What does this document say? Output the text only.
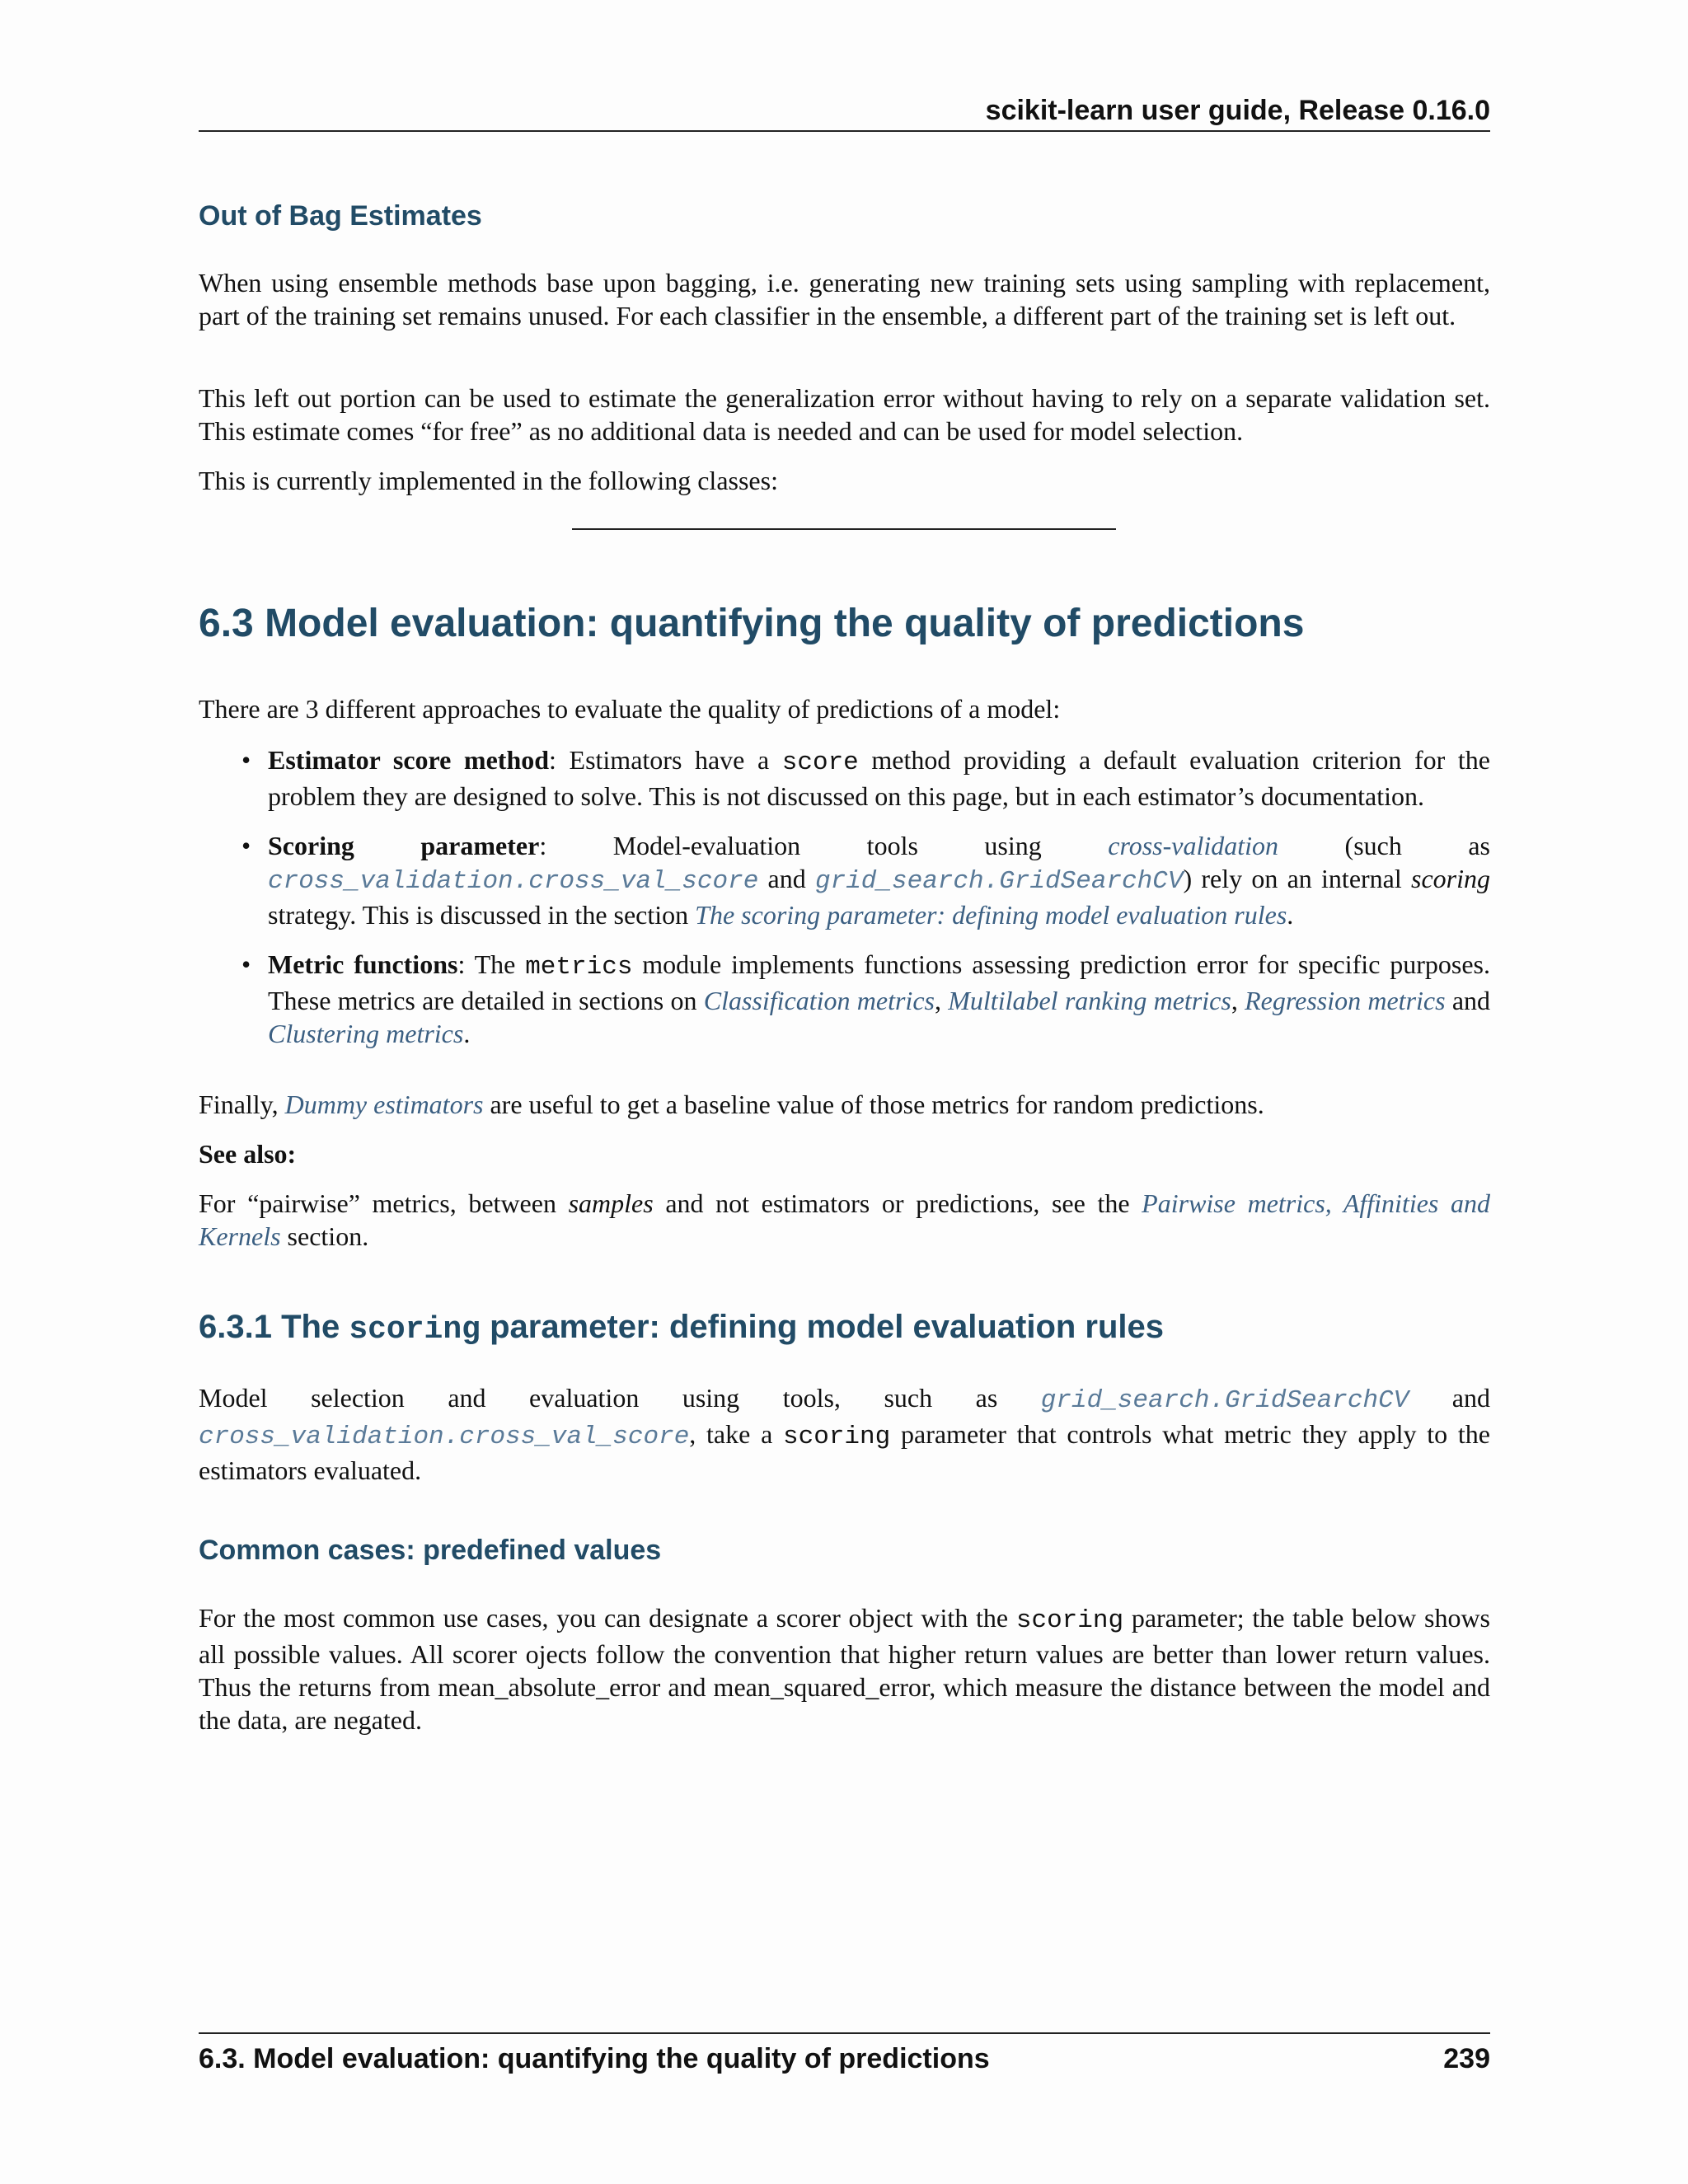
scikit-learn user guide, Release 0.16.0
Out of Bag Estimates

When using ensemble methods base upon bagging, i.e. generating new training sets using sampling with replacement, part of the training set remains unused. For each classifier in the ensemble, a different part of the training set is left out.

This left out portion can be used to estimate the generalization error without having to rely on a separate validation set. This estimate comes “for free” as no additional data is needed and can be used for model selection.

This is currently implemented in the following classes:

6.3 Model evaluation: quantifying the quality of predictions

There are 3 different approaches to evaluate the quality of predictions of a model:

• Estimator score method: Estimators have a score method providing a default evaluation criterion for the problem they are designed to solve. This is not discussed on this page, but in each estimator’s documentation.
• Scoring parameter: Model-evaluation tools using cross-validation (such as cross_validation.cross_val_score and grid_search.GridSearchCV) rely on an internal scoring strategy. This is discussed in the section The scoring parameter: defining model evaluation rules.
• Metric functions: The metrics module implements functions assessing prediction error for specific purposes. These metrics are detailed in sections on Classification metrics, Multilabel ranking metrics, Regression metrics and Clustering metrics.

Finally, Dummy estimators are useful to get a baseline value of those metrics for random predictions.

See also:

For “pairwise” metrics, between samples and not estimators or predictions, see the Pairwise metrics, Affinities and Kernels section.

6.3.1 The scoring parameter: defining model evaluation rules

Model selection and evaluation using tools, such as grid_search.GridSearchCV and cross_validation.cross_val_score, take a scoring parameter that controls what metric they apply to the estimators evaluated.

Common cases: predefined values

For the most common use cases, you can designate a scorer object with the scoring parameter; the table below shows all possible values. All scorer ojects follow the convention that higher return values are better than lower return values. Thus the returns from mean_absolute_error and mean_squared_error, which measure the distance between the model and the data, are negated.

6.3. Model evaluation: quantifying the quality of predictions	239
